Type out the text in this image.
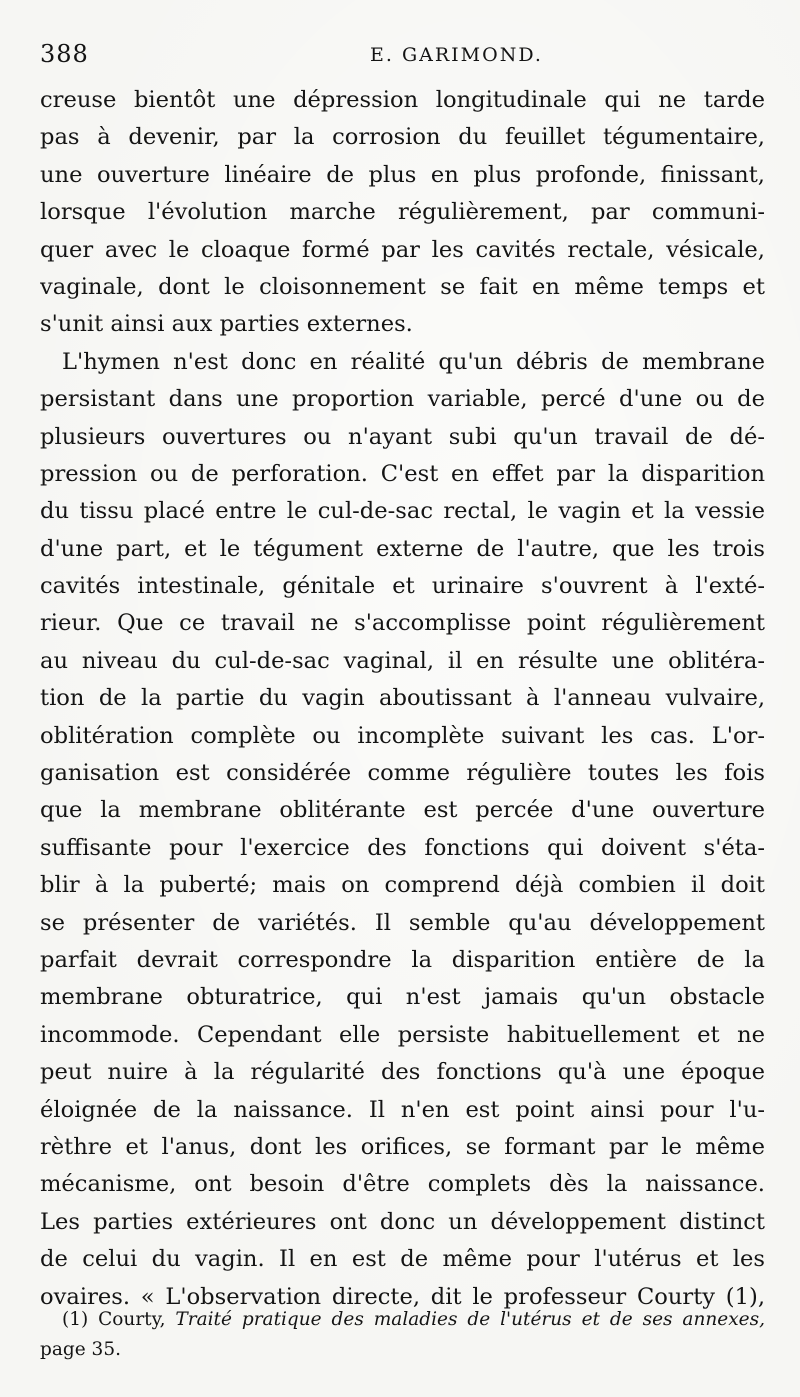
388	E. GARIMOND.
creuse bientôt une dépression longitudinale qui ne tarde
pas à devenir, par la corrosion du feuillet tégumentaire,
une ouverture linéaire de plus en plus profonde, finissant,
lorsque l'évolution marche régulièrement, par communi-
quer avec le cloaque formé par les cavités rectale, vésicale,
vaginale, dont le cloisonnement se fait en même temps et
s'unit ainsi aux parties externes.
L'hymen n'est donc en réalité qu'un débris de membrane
persistant dans une proportion variable, percé d'une ou de
plusieurs ouvertures ou n'ayant subi qu'un travail de dé-
pression ou de perforation. C'est en effet par la disparition
du tissu placé entre le cul-de-sac rectal, le vagin et la vessie
d'une part, et le tégument externe de l'autre, que les trois
cavités intestinale, génitale et urinaire s'ouvrent à l'exté-
rieur. Que ce travail ne s'accomplisse point régulièrement
au niveau du cul-de-sac vaginal, il en résulte une oblitéra-
tion de la partie du vagin aboutissant à l'anneau vulvaire,
oblitération complète ou incomplète suivant les cas. L'or-
ganisation est considérée comme régulière toutes les fois
que la membrane oblitérante est percée d'une ouverture
suffisante pour l'exercice des fonctions qui doivent s'éta-
blir à la puberté; mais on comprend déjà combien il doit
se présenter de variétés. Il semble qu'au développement
parfait devrait correspondre la disparition entière de la
membrane obturatrice, qui n'est jamais qu'un obstacle
incommode. Cependant elle persiste habituellement et ne
peut nuire à la régularité des fonctions qu'à une époque
éloignée de la naissance. Il n'en est point ainsi pour l'u-
rèthre et l'anus, dont les orifices, se formant par le même
mécanisme, ont besoin d'être complets dès la naissance.
Les parties extérieures ont donc un développement distinct
de celui du vagin. Il en est de même pour l'utérus et les
ovaires. « L'observation directe, dit le professeur Courty (1),
(1) Courty, Traité pratique des maladies de l'utérus et de ses annexes,
page 35.
